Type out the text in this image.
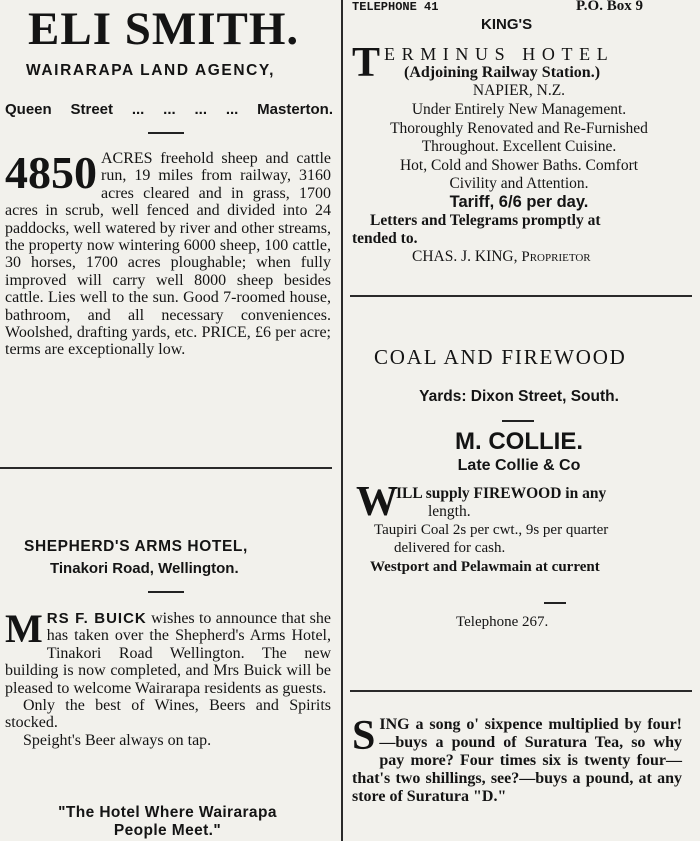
ELI SMITH.
WAIRARAPA LAND AGENCY,
Queen Street ... ... ... ... Masterton.
4850 ACRES freehold sheep and cattle run, 19 miles from railway, 3160 acres cleared and in grass, 1700 acres in scrub, well fenced and divided into 24 paddocks, well watered by river and other streams, the property now wintering 6000 sheep, 100 cattle, 30 horses, 1700 acres ploughable; when fully improved will carry well 8000 sheep besides cattle. Lies well to the sun. Good 7-roomed house, bathroom, and all necessary conveniences. Woolshed, drafting yards, etc. PRICE, £6 per acre; terms are exceptionally low.
SHEPHERD'S ARMS HOTEL,
Tinakori Road, Wellington.
MRS F. BUICK wishes to announce that she has taken over the Shepherd's Arms Hotel, Tinakori Road Wellington. The new building is now completed, and Mrs Buick will be pleased to welcome Wairarapa residents as guests.
Only the best of Wines, Beers and Spirits stocked.
Speight's Beer always on tap.
"The Hotel Where Wairarapa
People Meet."
TELEPHONE 41	P.O. Box 9
KING'S
T ERMINUS HOTEL
(Adjoining Railway Station.)
NAPIER, N.Z.
Under Entirely New Management.
Thoroughly Renovated and Re-Furnished
Throughout. Excellent Cuisine.
Hot, Cold and Shower Baths. Comfort
Civility and Attention.
Tariff, 6/6 per day.
Letters and Telegrams promptly at
tended to.
CHAS. J. KING, Proprietor
COAL AND FIREWOOD
Yards: Dixon Street, South.
M. COLLIE.
Late Collie & Co
W
ILL supply FIREWOOD in any
length.
Taupiri Coal 2s per cwt., 9s per quarter
delivered for cash.
Westport and Pelawmain at current
Telephone 267.
SING a song o' sixpence multiplied by four!—buys a pound of Suratura Tea, so why pay more? Four times six is twenty four—that's two shillings, see?—buys a pound, at any store of Suratura "D."
